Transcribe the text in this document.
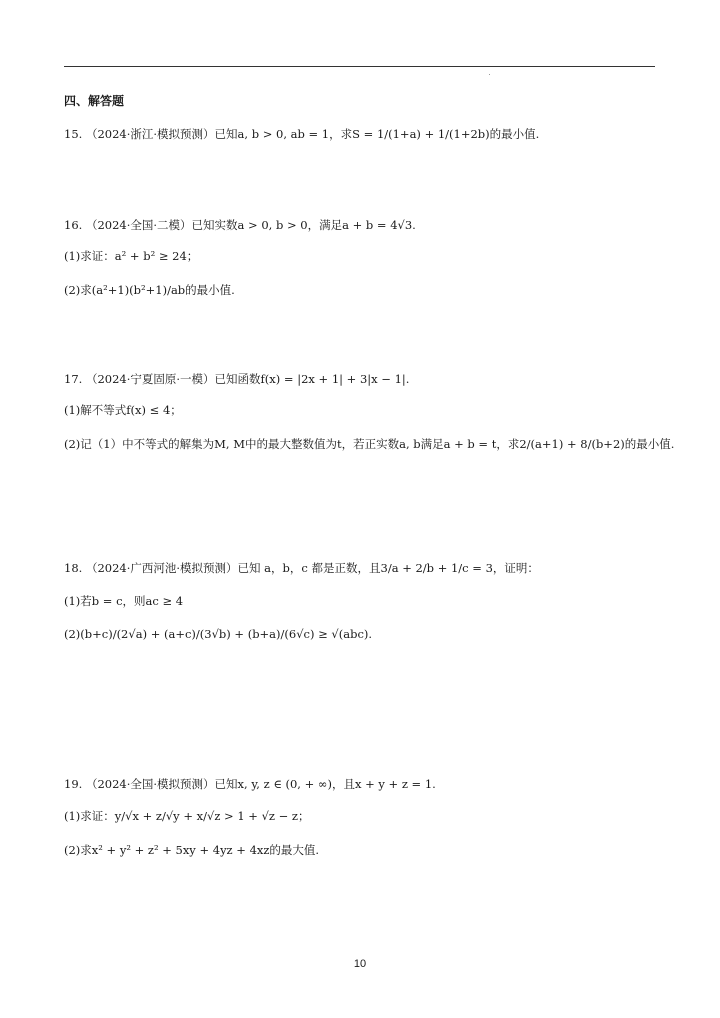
四、解答题
15. （2024·浙江·模拟预测）已知a, b > 0, ab = 1，求S = 1/(1+a) + 1/(1+2b)的最小值.
16. （2024·全国·二模）已知实数a > 0, b > 0，满足a + b = 4√3.
(1)求证：a² + b² ≥ 24；
(2)求(a²+1)(b²+1)/ab的最小值.
17. （2024·宁夏固原·一模）已知函数f(x) = |2x + 1| + 3|x − 1|.
(1)解不等式f(x) ≤ 4；
(2)记（1）中不等式的解集为M, M中的最大整数值为t，若正实数a, b满足a + b = t，求2/(a+1) + 8/(b+2)的最小值.
18. （2024·广西河池·模拟预测）已知 a，b，c 都是正数，且3/a + 2/b + 1/c = 3，证明：
(1)若b = c，则ac ≥ 4
(2)(b+c)/(2√a) + (a+c)/(3√b) + (b+a)/(6√c) ≥ √(abc).
19. （2024·全国·模拟预测）已知x, y, z ∈ (0, + ∞)，且x + y + z = 1.
(1)求证：y/√x + z/√y + x/√z > 1 + √z − z；
(2)求x² + y² + z² + 5xy + 4yz + 4xz的最大值.
10
